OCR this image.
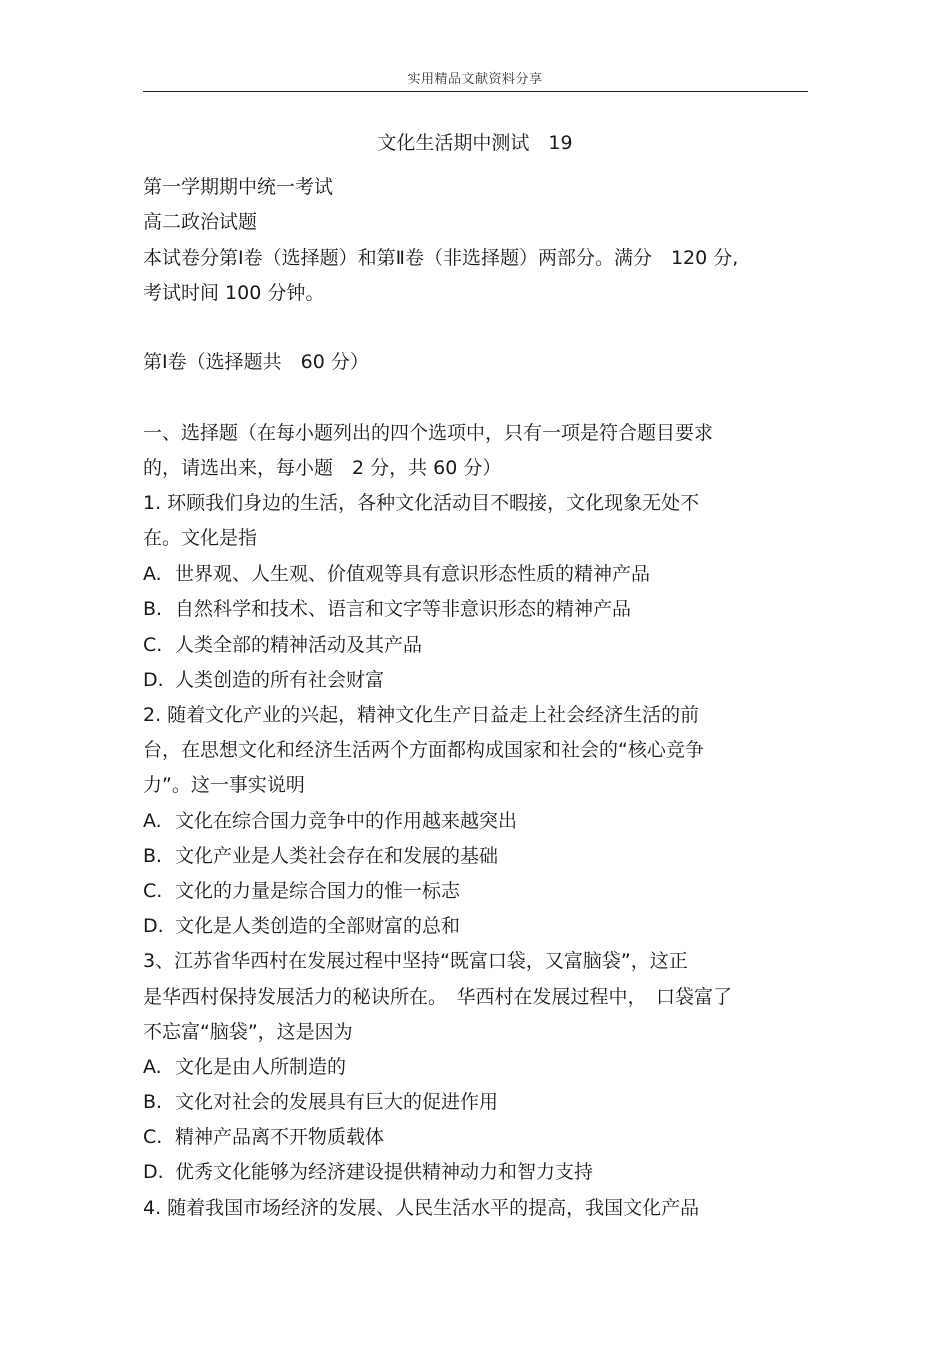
实用精品文献资料分享
文化生活期中测试　19
第一学期期中统一考试
高二政治试题
本试卷分第Ⅰ卷（选择题）和第Ⅱ卷（非选择题）两部分。满分　120 分,
考试时间 100 分钟。
第Ⅰ卷（选择题共　60 分）
一、选择题（在每小题列出的四个选项中，只有一项是符合题目要求
的，请选出来，每小题　2 分，共 60 分）
1. 环顾我们身边的生活，各种文化活动目不暇接，文化现象无处不
在。文化是指
A. 世界观、人生观、价值观等具有意识形态性质的精神产品
B. 自然科学和技术、语言和文字等非意识形态的精神产品
C. 人类全部的精神活动及其产品
D. 人类创造的所有社会财富
2. 随着文化产业的兴起，精神文化生产日益走上社会经济生活的前
台，在思想文化和经济生活两个方面都构成国家和社会的“核心竞争
力”。这一事实说明
A. 文化在综合国力竞争中的作用越来越突出
B. 文化产业是人类社会存在和发展的基础
C. 文化的力量是综合国力的惟一标志
D. 文化是人类创造的全部财富的总和
3、江苏省华西村在发展过程中坚持“既富口袋，又富脑袋”，这正
是华西村保持发展活力的秘诀所在。　华西村在发展过程中，　口袋富了
不忘富“脑袋”，这是因为
A. 文化是由人所制造的
B. 文化对社会的发展具有巨大的促进作用
C. 精神产品离不开物质载体
D. 优秀文化能够为经济建设提供精神动力和智力支持
4. 随着我国市场经济的发展、人民生活水平的提高，我国文化产品
